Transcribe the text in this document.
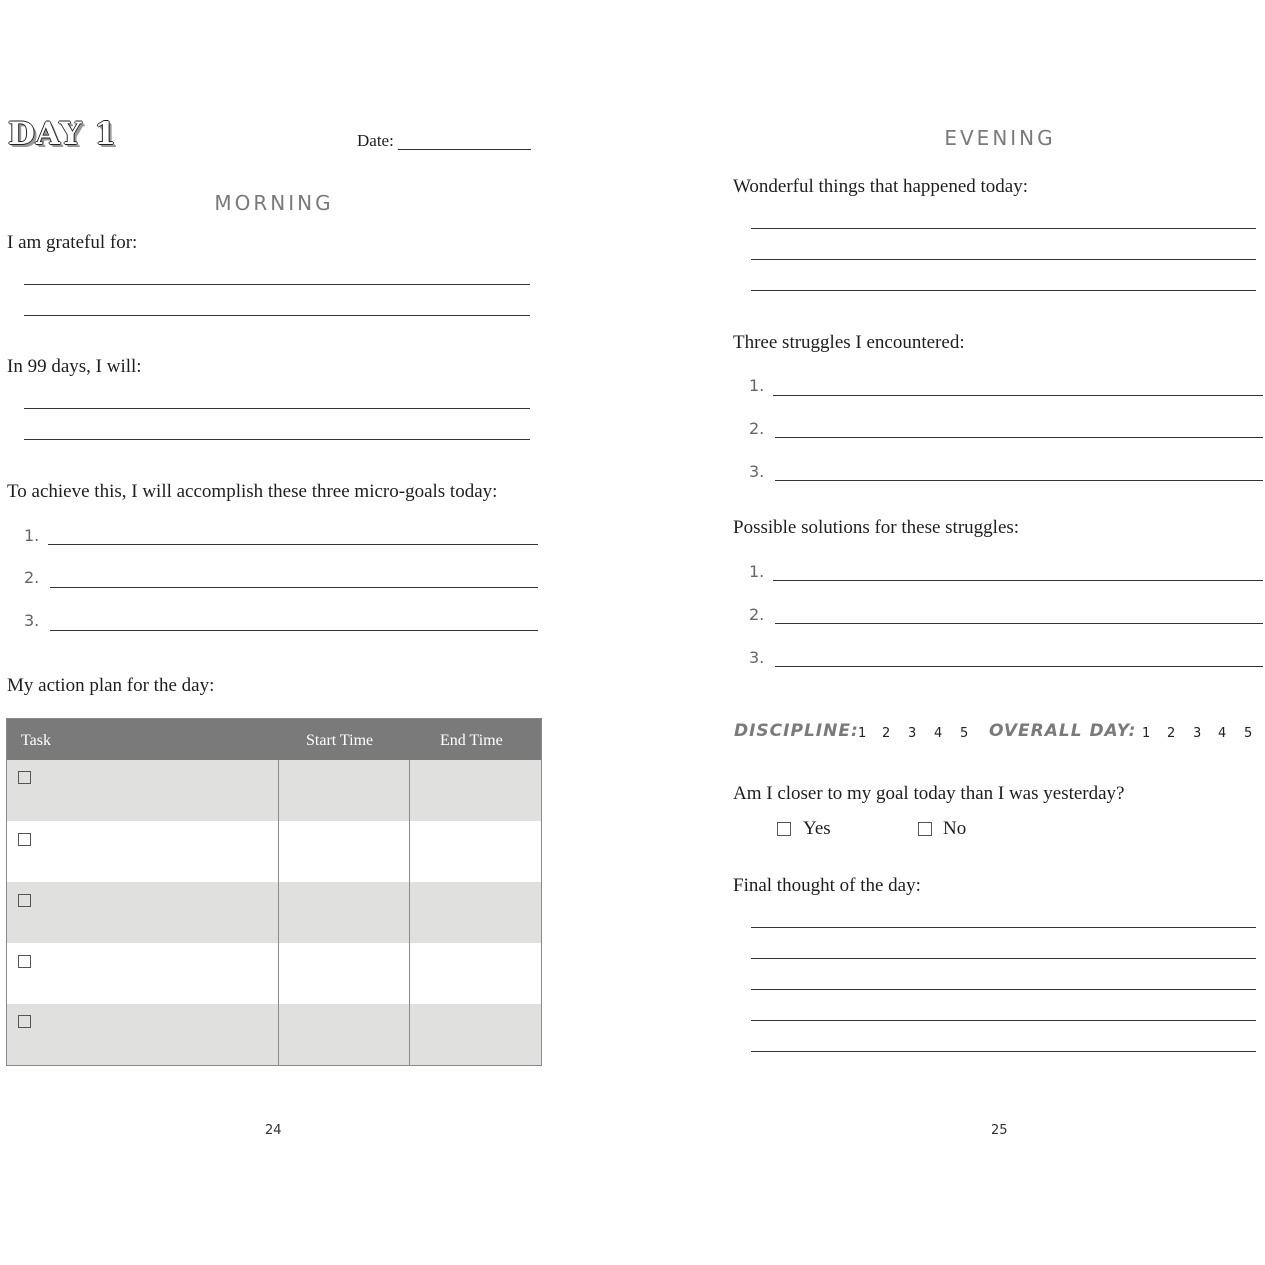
DAY 1	Date:
MORNING
I am grateful for:
In 99 days, I will:
To achieve this, I will accomplish these three micro-goals today:
1.
2.
3.
My action plan for the day:
Task	Start Time	End Time
24
EVENING
Wonderful things that happened today:
Three struggles I encountered:
1.
2.
3.
Possible solutions for these struggles:
1.
2.
3.
DISCIPLINE: 1 2 3 4 5 OVERALL DAY: 1 2 3 4 5
Am I closer to my goal today than I was yesterday?
Yes	No
Final thought of the day:
25
